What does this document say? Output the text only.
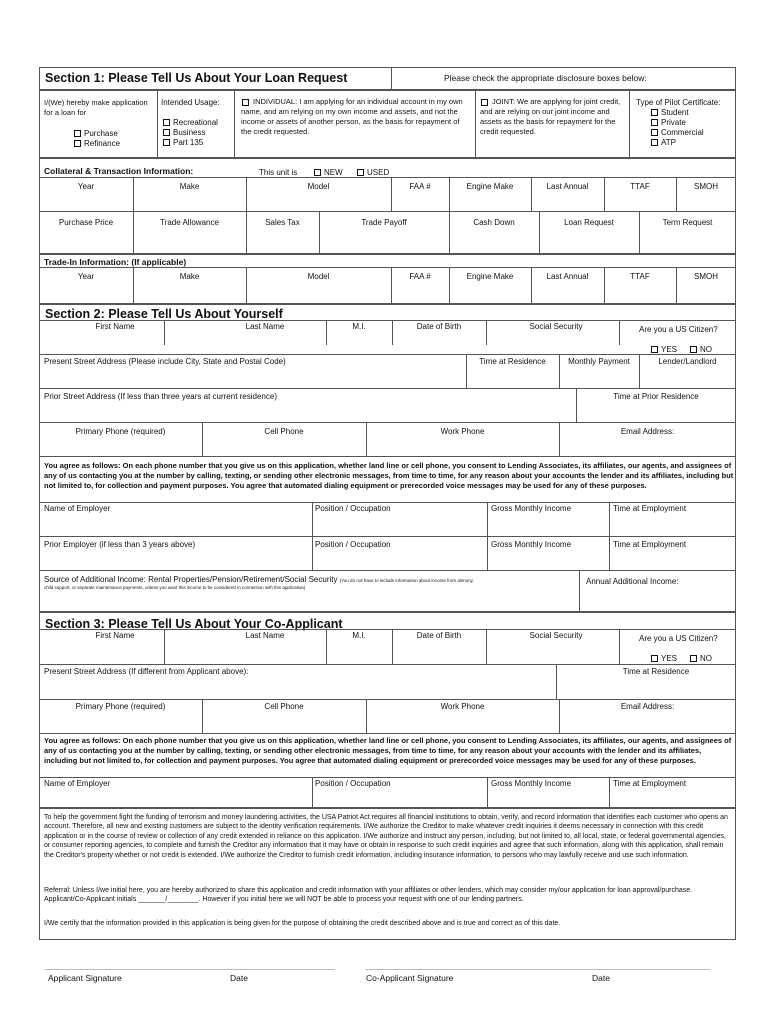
Section 1: Please Tell Us About Your Loan Request	Please check the appropriate disclosure boxes below:
I/(We) hereby make application for a loan for
Purchase
Refinance
Intended Usage:
Recreational
Business
Part 135
INDIVIDUAL: I am applying for an individual account in my own name, and am relying on my own income and assets, and not the income or assets of another person, as the basis for repayment of the credit requested.
JOINT: We are applying for joint credit, and are relying on our joint income and assets as the basis for repayment for the credit requested.
Type of Pilot Certificate:
Student
Private
Commercial
ATP
Collateral & Transaction Information:	This unit is	NEW	USED
Year	Make	Model	FAA #	Engine Make	Last Annual	TTAF	SMOH
Purchase Price	Trade Allowance	Sales Tax	Trade Payoff	Cash Down	Loan Request	Term Request
Trade-In Information: (If applicable)
Year	Make	Model	FAA #	Engine Make	Last Annual	TTAF	SMOH
Section 2: Please Tell Us About Yourself
First Name	Last Name	M.I.	Date of Birth	Social Security	Are you a US Citizen?
YES	NO
Present Street Address (Please include City, State and Postal Code)	Time at Residence	Monthly Payment	Lender/Landlord
Prior Street Address (If less than three years at current residence)	Time at Prior Residence
Primary Phone (required)	Cell Phone	Work Phone	Email Address:
You agree as follows: On each phone number that you give us on this application, whether land line or cell phone, you consent to Lending Associates, its affiliates, our agents, and assignees of any of us contacting you at the number by calling, texting, or sending other electronic messages, from time to time, for any reason about your accounts the lender and its affiliates, including but not limited to, for collection and payment purposes. You agree that automated dialing equipment or prerecorded voice messages may be used for any of these purposes.
Name of Employer	Position / Occupation	Gross Monthly Income	Time at Employment
Prior Employer (if less than 3 years above)	Position / Occupation	Gross Monthly Income	Time at Employment
Source of Additional Income: Rental Properties/Pension/Retirement/Social Security (You do not have to include information about income from alimony,
child support, or separate maintenance payments, unless you want this income to be considered in connection with this application)
Annual Additional Income:
Section 3: Please Tell Us About Your Co-Applicant
First Name	Last Name	M.I.	Date of Birth	Social Security	Are you a US Citizen?
YES	NO
Present Street Address (If different from Applicant above):	Time at Residence
Primary Phone (required)	Cell Phone	Work Phone	Email Address:
You agree as follows: On each phone number that you give us on this application, whether land line or cell phone, you consent to Lending Associates, its affiliates, our agents, and assignees of any of us contacting you at the number by calling, texting, or sending other electronic messages, from time to time, for any reason about your accounts with the lender and its affiliates, including but not limited to, for collection and payment purposes. You agree that automated dialing equipment or prerecorded voice messages may be used for any of these purposes.
Name of Employer	Position / Occupation	Gross Monthly Income	Time at Employment
To help the government fight the funding of terrorism and money laundering activities, the USA Patriot Act requires all financial institutions to obtain, verify, and record information that identifies each customer who opens an account. Therefore, all new and existing customers are subject to the identity verification requirements. I/We authorize the Creditor to make whatever credit inquiries it deems necessary in connection with this credit application or in the course of review or collection of any credit extended in reliance on this application. I/We authorize and instruct any person, including, but not limited to, all local, state, or federal governmental agencies, or consumer reporting agencies, to complete and furnish the Creditor any information that it may have or obtain in response to such credit inquiries and agree that such information, along with this application, shall remain the Creditor's property whether or not credit is extended. I/We authorize the Creditor to furnish credit information, including insurance information, to persons who may lawfully receive and use such information.
Referral: Unless I/we initial here, you are hereby authorized to share this application and credit information with your affiliates or other lenders, which may consider my/our application for loan approval/purchase. Applicant/Co-Applicant initials _______/________. However if you initial here we will NOT be able to process your request with one of our lending partners.
I/We certify that the information provided in this application is being given for the purpose of obtaining the credit described above and is true and correct as of this date.
Applicant Signature	Date	Co-Applicant Signature	Date
